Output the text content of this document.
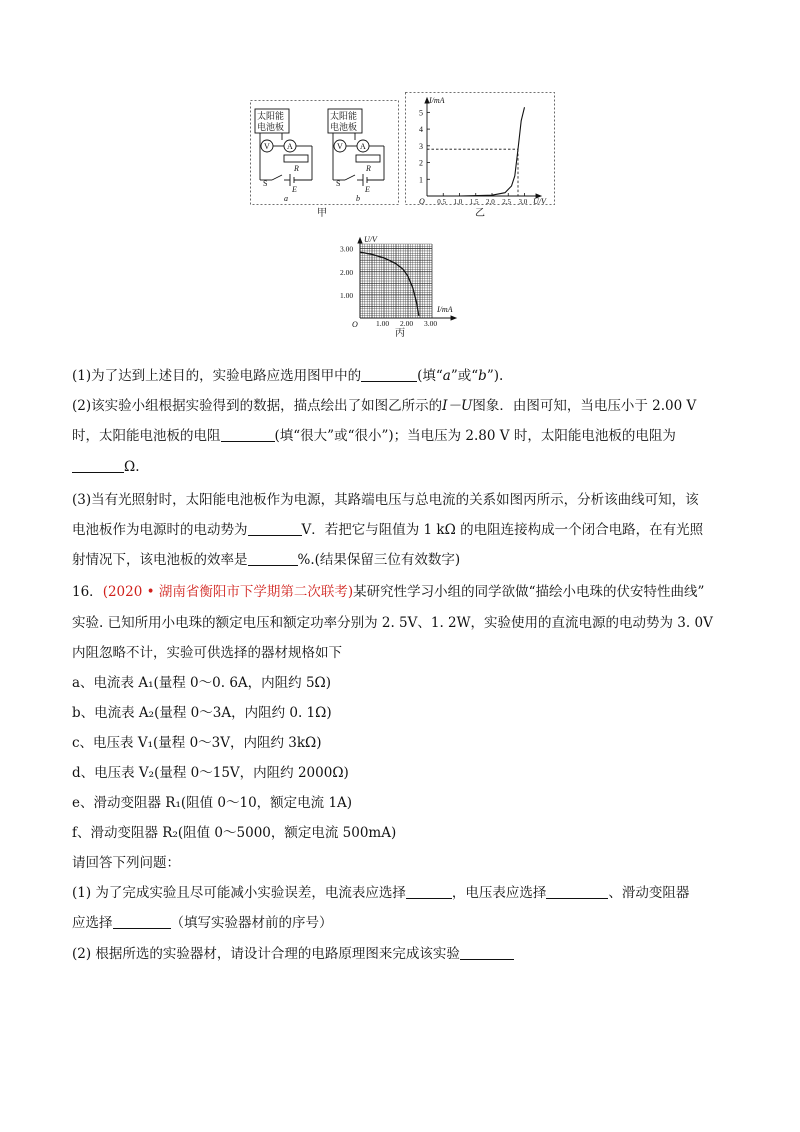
太阳能
电池板
V A
R
S
E
a
太阳能
电池板
V A
R
S
E
b
甲
1
2
3
4
5
0.5 1.0 1.5 2.0 2.5 3.0
I/mA
U/V
O
乙
1.00
2.00
3.00
1.00 2.00 3.00
U/V
I/mA
O
丙
(1)为了达到上述目的，实验电路应选用图甲中的	(填“a”或“b”).
(2)该实验小组根据实验得到的数据，描点绘出了如图乙所示的I－U图象．由图可知，当电压小于 2.00 V
时，太阳能电池板的电阻	(填“很大”或“很小”)；当电压为 2.80 V 时，太阳能电池板的电阻为
Ω.
(3)当有光照射时，太阳能电池板作为电源，其路端电压与总电流的关系如图丙所示，分析该曲线可知，该
电池板作为电源时的电动势为	V．若把它与阻值为 1 kΩ 的电阻连接构成一个闭合电路，在有光照
射情况下，该电池板的效率是	%.(结果保留三位有效数字)
16．(2020 • 湖南省衡阳市下学期第二次联考)某研究性学习小组的同学欲做“描绘小电珠的伏安特性曲线”
实验. 已知所用小电珠的额定电压和额定功率分别为 2. 5V、1. 2W，实验使用的直流电源的电动势为 3. 0V
内阻忽略不计，实验可供选择的器材规格如下
a、电流表 A₁(量程 0～0. 6A，内阻约 5Ω)
b、电流表 A₂(量程 0～3A，内阻约 0. 1Ω)
c、电压表 V₁(量程 0～3V，内阻约 3kΩ)
d、电压表 V₂(量程 0～15V，内阻约 2000Ω)
e、滑动变阻器 R₁(阻值 0～10，额定电流 1A)
f、滑动变阻器 R₂(阻值 0～5000，额定电流 500mA)
请回答下列问题：
(1) 为了完成实验且尽可能减小实验误差，电流表应选择	，电压表应选择	、滑动变阻器
应选择	（填写实验器材前的序号）
(2) 根据所选的实验器材，请设计合理的电路原理图来完成该实验
